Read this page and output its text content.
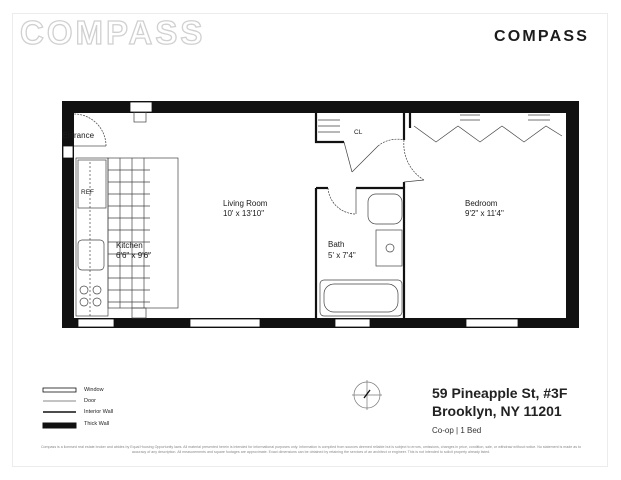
COMPASS	COMPASS
Entrance	CL
REF
Living Room
10' x 13'10"
Kitchen
6'6" x 9'6"
Bath
5' x 7'4"
Bedroom
9'2" x 11'4"
Window
Door
Interior Wall
Thick Wall
59 Pineapple St, #3F
Brooklyn, NY 11201
Co-op | 1 Bed
Compass is a licensed real estate broker and abides by Equal Housing Opportunity laws. All material presented herein is intended for informational purposes only. Information is compiled from sources deemed reliable but is subject to errors, omissions, changes in price, condition, sale, or withdraw without notice. No statement is made as to accuracy of any description. All measurements and square footages are approximate. Exact dimensions can be obtained by retaining the services of an architect or engineer. This is not intended to solicit property already listed.
